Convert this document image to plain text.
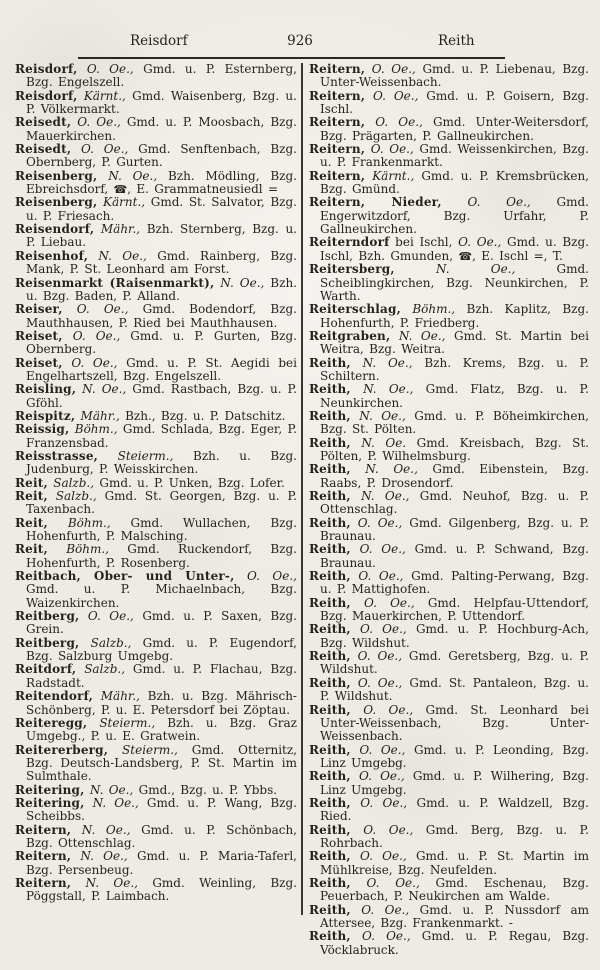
Reisdorf	926	Reith

Reisdorf, O. Oe., Gmd. u. P. Esternberg, Bzg. Engelszell.

Reisdorf, Kärnt., Gmd. Waisenberg, Bzg. u. P. Völkermarkt.

Reisedt, O. Oe., Gmd. u. P. Moosbach, Bzg. Mauerkirchen.

Reisedt, O. Oe., Gmd. Senftenbach, Bzg. Obernberg, P. Gurten.

Reisenberg, N. Oe., Bzh. Mödling, Bzg. Ebreichsdorf, ☎, E. Grammatneusiedl =

Reisenberg, Kärnt., Gmd. St. Salvator, Bzg. u. P. Friesach.

Reisendorf, Mähr., Bzh. Sternberg, Bzg. u. P. Liebau.

Reisenhof, N. Oe., Gmd. Rainberg, Bzg. Mank, P. St. Leonhard am Forst.

Reisenmarkt (Raisenmarkt), N. Oe., Bzh. u. Bzg. Baden, P. Alland.

Reiser, O. Oe., Gmd. Bodendorf, Bzg. Mauthhausen, P. Ried bei Mauthhausen.

Reiset, O. Oe., Gmd. u. P. Gurten, Bzg. Obernberg.

Reiset, O. Oe., Gmd. u. P. St. Aegidi bei Engelhartszell, Bzg. Engelszell.

Reisling, N. Oe., Gmd. Rastbach, Bzg. u. P. Gföhl.

Reispitz, Mähr., Bzh., Bzg. u. P. Datschitz.

Reissig, Böhm., Gmd. Schlada, Bzg. Eger, P. Franzensbad.

Reisstrasse, Steierm., Bzh. u. Bzg. Judenburg, P. Weisskirchen.

Reit, Salzb., Gmd. u. P. Unken, Bzg. Lofer.

Reit, Salzb., Gmd. St. Georgen, Bzg. u. P. Taxenbach.

Reit, Böhm., Gmd. Wullachen, Bzg. Hohenfurth, P. Malsching.

Reit, Böhm., Gmd. Ruckendorf, Bzg. Hohenfurth, P. Rosenberg.

Reitbach, Ober- und Unter-, O. Oe., Gmd. u. P. Michaelnbach, Bzg. Waizenkirchen.

Reitberg, O. Oe., Gmd. u. P. Saxen, Bzg. Grein.

Reitberg, Salzb., Gmd. u. P. Eugendorf, Bzg. Salzburg Umgebg.

Reitdorf, Salzb., Gmd. u. P. Flachau, Bzg. Radstadt.

Reitendorf, Mähr., Bzh. u. Bzg. Mährisch-Schönberg, P. u. E. Petersdorf bei Zöptau.

Reiteregg, Steierm., Bzh. u. Bzg. Graz Umgebg., P. u. E. Gratwein.

Reitererberg, Steierm., Gmd. Otternitz, Bzg. Deutsch-Landsberg, P. St. Martin im Sulmthale.

Reitering, N. Oe., Gmd., Bzg. u. P. Ybbs.

Reitering, N. Oe., Gmd. u. P. Wang, Bzg. Scheibbs.

Reitern, N. Oe., Gmd. u. P. Schönbach, Bzg. Ottenschlag.

Reitern, N. Oe., Gmd. u. P. Maria-Taferl, Bzg. Persenbeug.

Reitern, N. Oe., Gmd. Weinling, Bzg. Pöggstall, P. Laimbach.

Reitern, O. Oe., Gmd. u. P. Liebenau, Bzg. Unter-Weissenbach.

Reitern, O. Oe., Gmd. u. P. Goisern, Bzg. Ischl.

Reitern, O. Oe., Gmd. Unter-Weitersdorf, Bzg. Prägarten, P. Gallneukirchen.

Reitern, O. Oe., Gmd. Weissenkirchen, Bzg. u. P. Frankenmarkt.

Reitern, Kärnt., Gmd. u. P. Kremsbrücken, Bzg. Gmünd.

Reitern, Nieder, O. Oe., Gmd. Engerwitzdorf, Bzg. Urfahr, P. Gallneukirchen.

Reiterndorf bei Ischl, O. Oe., Gmd. u. Bzg. Ischl, Bzh. Gmunden, ☎, E. Ischl =, T.

Reitersberg,	N. Oe.,	Gmd. Scheiblingkirchen, Bzg. Neunkirchen, P. Warth.

Reiterschlag, Böhm., Bzh. Kaplitz, Bzg. Hohenfurth, P. Friedberg.

Reitgraben, N. Oe., Gmd. St. Martin bei Weitra, Bzg. Weitra.

Reith, N. Oe., Bzh. Krems, Bzg. u. P. Schiltern.

Reith, N. Oe., Gmd. Flatz, Bzg. u. P. Neunkirchen.

Reith, N. Oe., Gmd. u. P. Böheimkirchen, Bzg. St. Pölten.

Reith, N. Oe. Gmd. Kreisbach, Bzg. St. Pölten, P. Wilhelmsburg.

Reith, N. Oe., Gmd. Eibenstein, Bzg. Raabs, P. Drosendorf.

Reith, N. Oe., Gmd. Neuhof, Bzg. u. P. Ottenschlag.

Reith, O. Oe., Gmd. Gilgenberg, Bzg. u. P. Braunau.

Reith, O. Oe., Gmd. u. P. Schwand, Bzg. Braunau.

Reith, O. Oe., Gmd. Palting-Perwang, Bzg. u. P. Mattighofen.

Reith, O. Oe., Gmd. Helpfau-Uttendorf, Bzg. Mauerkirchen, P. Uttendorf.

Reith, O. Oe., Gmd. u. P. Hochburg-Ach, Bzg. Wildshut.

Reith, O. Oe., Gmd. Geretsberg, Bzg. u. P. Wildshut.

Reith, O. Oe., Gmd. St. Pantaleon, Bzg. u. P. Wildshut.

Reith, O. Oe., Gmd. St. Leonhard bei Unter-Weissenbach, Bzg. Unter-Weissenbach.

Reith, O. Oe., Gmd. u. P. Leonding, Bzg. Linz Umgebg.

Reith, O. Oe., Gmd. u. P. Wilhering, Bzg. Linz Umgebg.

Reith, O. Oe., Gmd. u. P. Waldzell, Bzg. Ried.

Reith, O. Oe., Gmd. Berg, Bzg. u. P. Rohrbach.

Reith, O. Oe., Gmd. u. P. St. Martin im Mühlkreise, Bzg. Neufelden.

Reith, O. Oe., Gmd. Eschenau, Bzg. Peuerbach, P. Neukirchen am Walde.

Reith, O. Oe., Gmd. u. P. Nussdorf am Attersee, Bzg. Frankenmarkt. -

Reith, O. Oe., Gmd. u. P. Regau, Bzg. Vöcklabruck.
